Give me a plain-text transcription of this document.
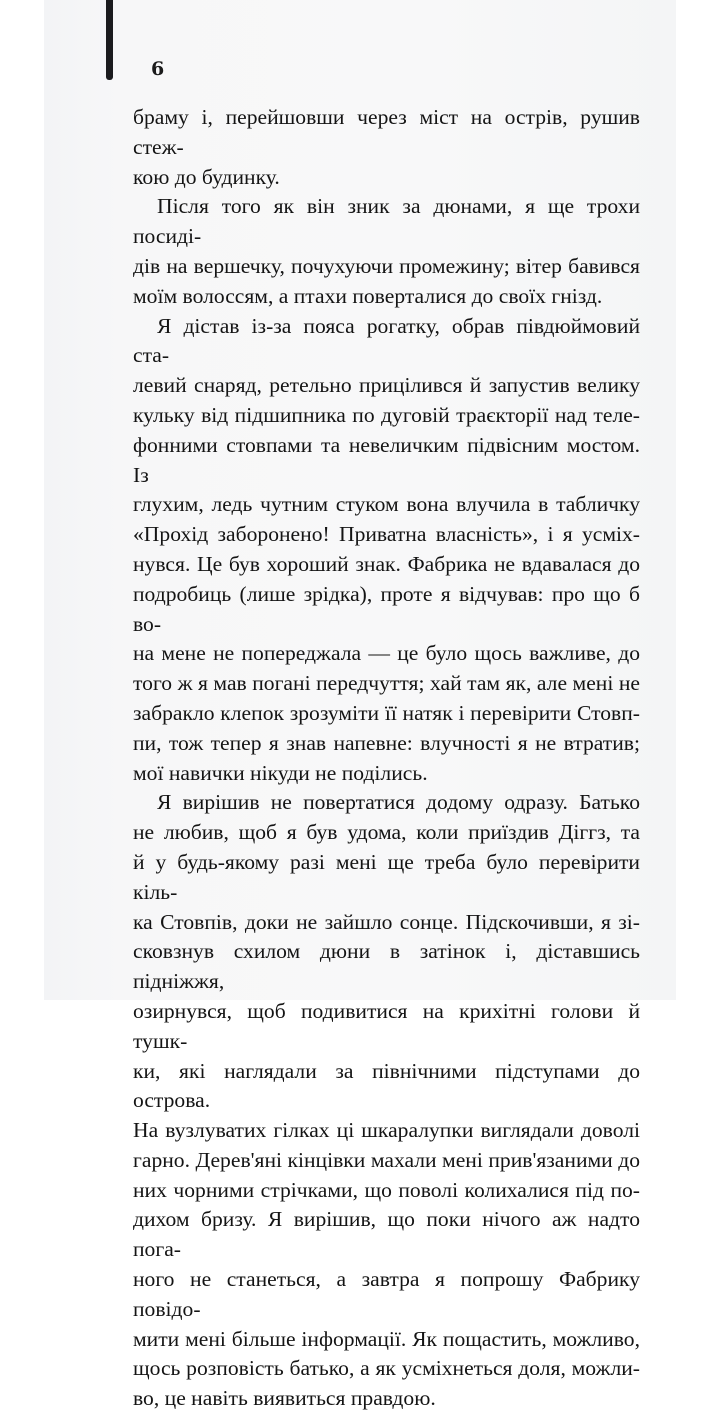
6

браму і, перейшовши через міст на острів, рушив стеж-

кою до будинку.

Після того як він зник за дюнами, я ще трохи посиді-

дів на вершечку, почухуючи промежину; вітер бавився

моїм волоссям, а птахи поверталися до своїх гнізд.

Я дістав із-за пояса рогатку, обрав півдюймовий ста-

левий снаряд, ретельно прицілився й запустив велику

кульку від підшипника по дуговій траєкторії над теле-

фонними стовпами та невеличким підвісним мостом. Із

глухим, ледь чутним стуком вона влучила в табличку

«Прохід заборонено! Приватна власність», і я усміх-

нувся. Це був хороший знак. Фабрика не вдавалася до

подробиць (лише зрідка), проте я відчував: про що б во-

на мене не попереджала — це було щось важливе, до

того ж я мав погані передчуття; хай там як, але мені не

забракло клепок зрозуміти її натяк і перевірити Стовп-

пи, тож тепер я знав напевне: влучності я не втратив;

мої навички нікуди не поділись.

Я вирішив не повертатися додому одразу. Батько

не любив, щоб я був удома, коли приїздив Діггз, та

й у будь-якому разі мені ще треба було перевірити кіль-

ка Стовпів, доки не зайшло сонце. Підскочивши, я зі-

сковзнув схилом дюни в затінок і, діставшись підніжжя,

озирнувся, щоб подивитися на крихітні голови й тушк-

ки, які наглядали за північними підступами до острова.

На вузлуватих гілках ці шкаралупки виглядали доволі

гарно. Дерев'яні кінцівки махали мені прив'язаними до

них чорними стрічками, що поволі колихалися під по-

дихом бризу. Я вирішив, що поки нічого аж надто пога-

ного не станеться, а завтра я попрошу Фабрику повідо-

мити мені більше інформації. Як пощастить, можливо,

щось розповість батько, а як усміхнеться доля, можли-

во, це навіть виявиться правдою.
